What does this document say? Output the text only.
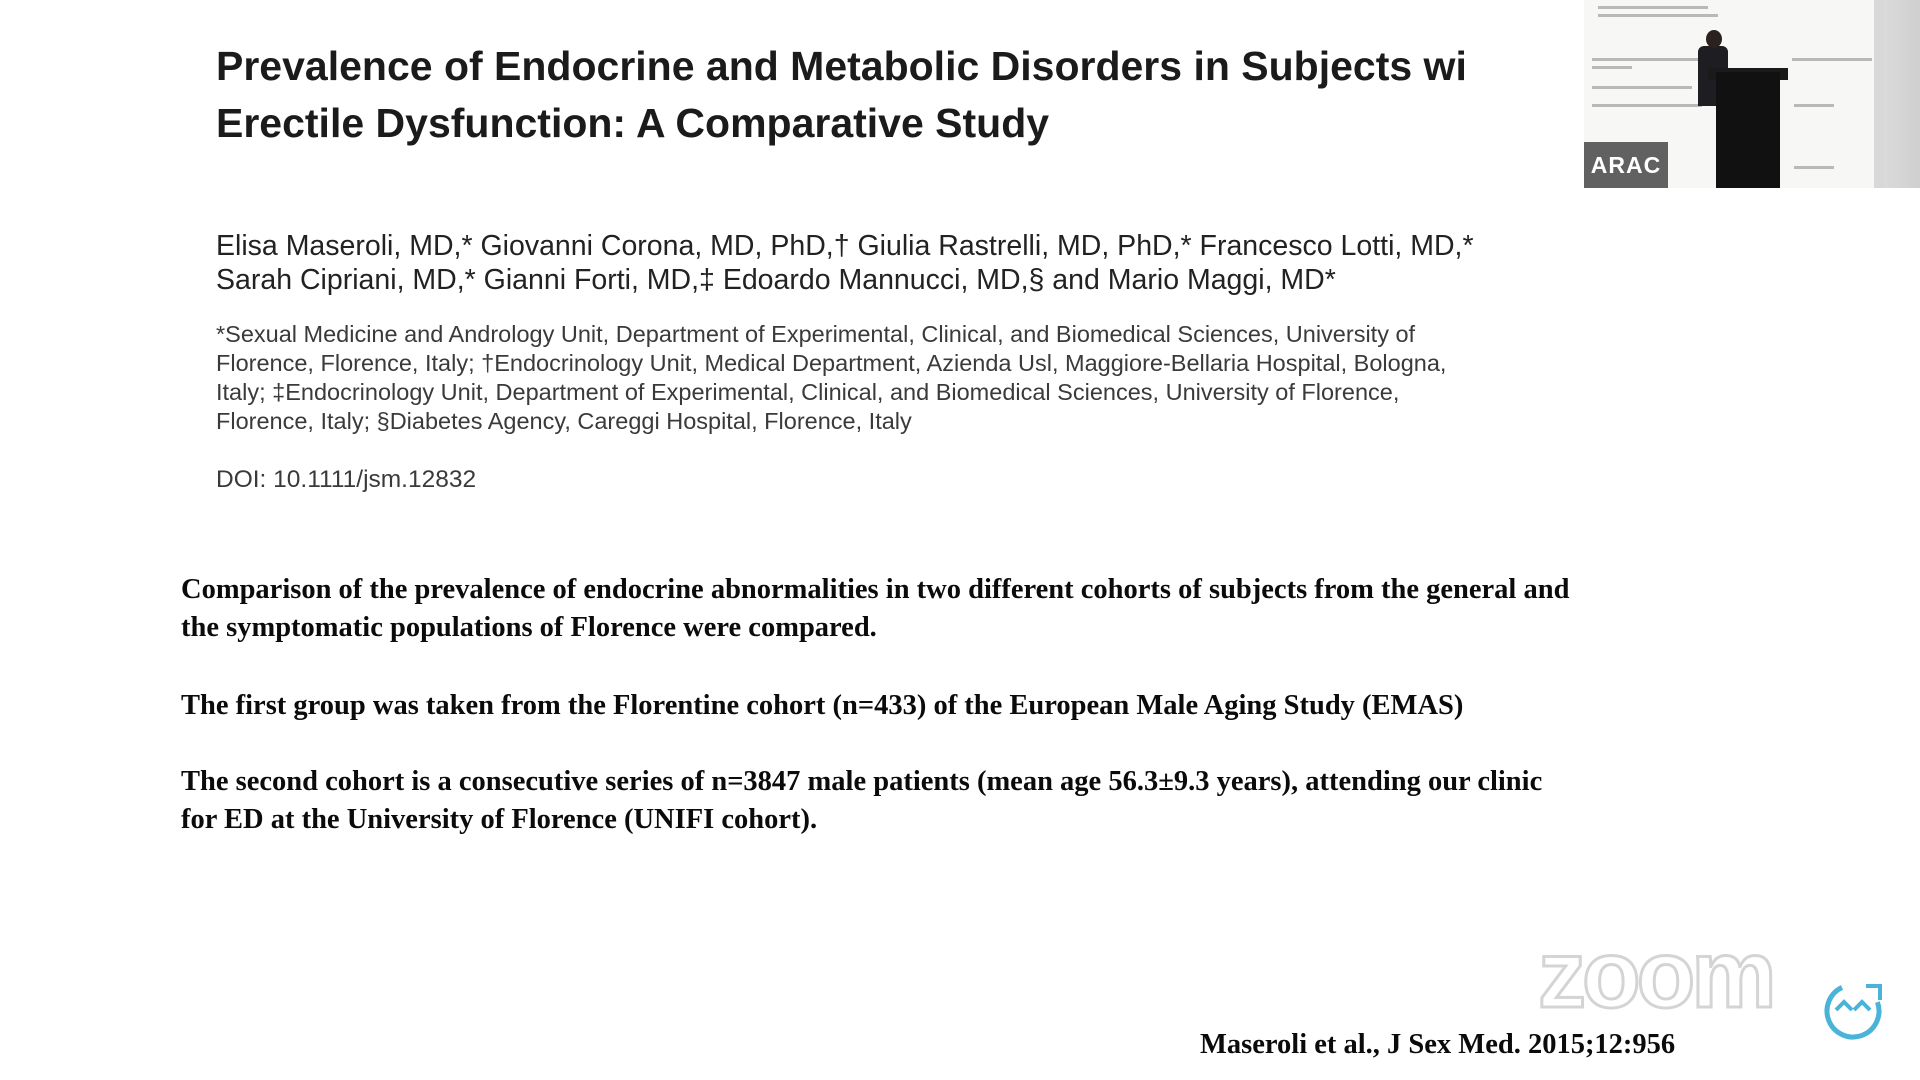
Prevalence of Endocrine and Metabolic Disorders in Subjects wi
Erectile Dysfunction: A Comparative Study
Elisa Maseroli, MD,* Giovanni Corona, MD, PhD,† Giulia Rastrelli, MD, PhD,* Francesco Lotti, MD,*
Sarah Cipriani, MD,* Gianni Forti, MD,‡ Edoardo Mannucci, MD,§ and Mario Maggi, MD*
*Sexual Medicine and Andrology Unit, Department of Experimental, Clinical, and Biomedical Sciences, University of
Florence, Florence, Italy; †Endocrinology Unit, Medical Department, Azienda Usl, Maggiore-Bellaria Hospital, Bologna,
Italy; ‡Endocrinology Unit, Department of Experimental, Clinical, and Biomedical Sciences, University of Florence,
Florence, Italy; §Diabetes Agency, Careggi Hospital, Florence, Italy
DOI: 10.1111/jsm.12832
Comparison of the prevalence of endocrine abnormalities in two different cohorts of subjects from the general and
the symptomatic populations of Florence were compared.
The first group was taken from the Florentine cohort (n=433) of the European Male Aging Study (EMAS)
The second cohort is a consecutive series of n=3847 male patients (mean age 56.3±9.3 years), attending our clinic
for ED at the University of Florence (UNIFI cohort).
Maseroli et al., J Sex Med. 2015;12:956
ARAC
zoom
